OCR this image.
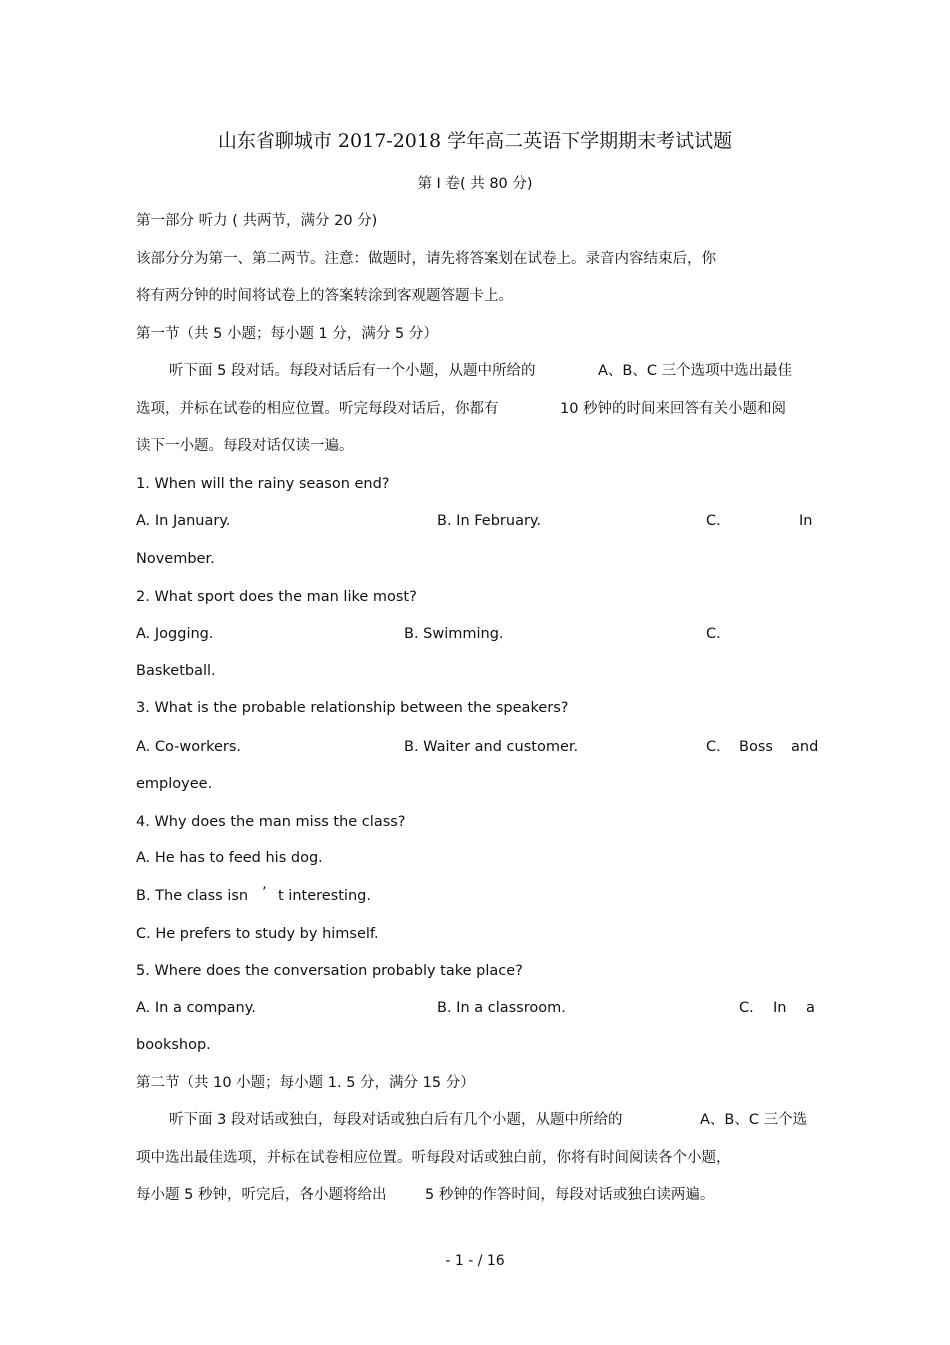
山东省聊城市 2017-2018 学年高二英语下学期期末考试试题
第 I 卷( 共 80 分)
第一部分 听力 ( 共两节，满分 20 分)
该部分分为第一、第二两节。注意：做题时，请先将答案划在试卷上。录音内容结束后，你
将有两分钟的时间将试卷上的答案转涂到客观题答题卡上。
第一节（共 5 小题；每小题 1 分，满分 5 分）
听下面 5 段对话。每段对话后有一个小题，从题中所给的	A、B、C 三个选项中选出最佳
选项，并标在试卷的相应位置。听完每段对话后，你都有	10 秒钟的时间来回答有关小题和阅
读下一小题。每段对话仅读一遍。
1. When will the rainy season end?
A. In January.	B. In February.	C.	In
November.
2. What sport does the man like most?
A. Jogging.	B. Swimming.	C.
Basketball.
3. What is the probable relationship between the speakers?
A. Co-workers.	B. Waiter and customer.	C. Boss and
employee.
4. Why does the man miss the class?
A. He has to feed his dog.
B. The class isn ’ t interesting.
C. He prefers to study by himself.
5. Where does the conversation probably take place?
A. In a company.	B. In a classroom.	C. In a
bookshop.
第二节（共 10 小题；每小题 1. 5 分，满分 15 分）
听下面 3 段对话或独白，每段对话或独白后有几个小题，从题中所给的	A、B、C 三个选
项中选出最佳选项，并标在试卷相应位置。听每段对话或独白前，你将有时间阅读各个小题，
每小题 5 秒钟，听完后，各小题将给出	5 秒钟的作答时间，每段对话或独白读两遍。
- 1 - / 16
